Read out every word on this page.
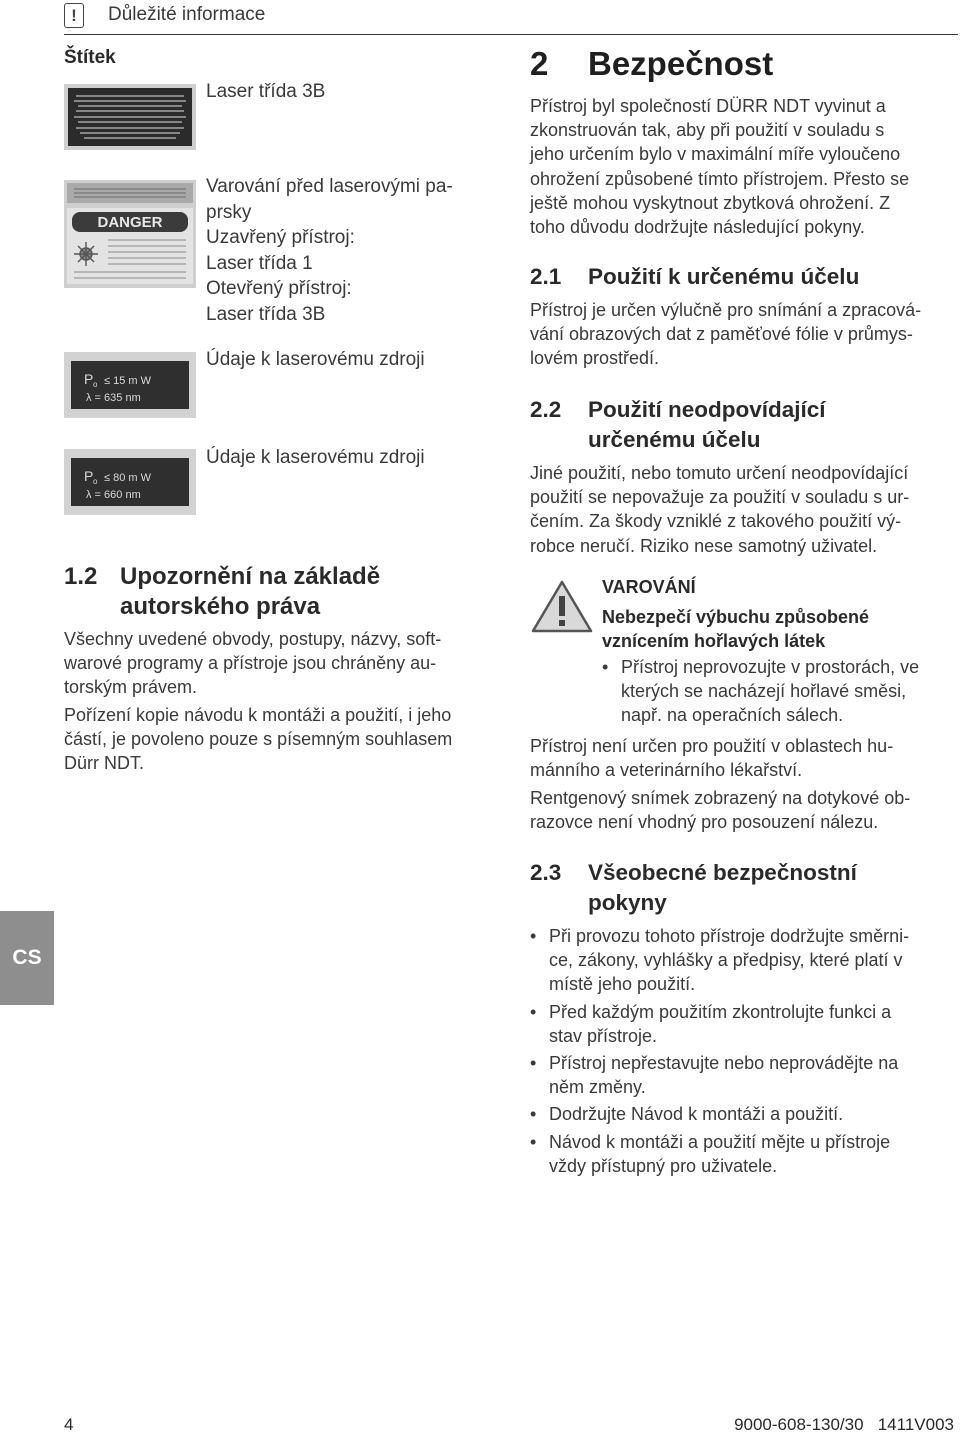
!	Důležité informace
Štítek
Laser třída 3B
DANGER
Varování před laserovými pa-
prsky
Uzavřený přístroj:
Laser třída 1
Otevřený přístroj:
Laser třída 3B
P o ≤ 15 m W
λ = 635 nm
Údaje k laserovému zdroji
P o ≤ 80 m W
λ = 660 nm
Údaje k laserovému zdroji
1.2 Upozornění na základě
autorského práva
Všechny uvedené obvody, postupy, názvy, soft-
warové programy a přístroje jsou chráněny au-
torským právem.
Pořízení kopie návodu k montáži a použití, i jeho
částí, je povoleno pouze s písemným souhlasem
Dürr NDT.
2 Bezpečnost
Přístroj byl společností DÜRR NDT vyvinut a
zkonstruován tak, aby při použití v souladu s
jeho určením bylo v maximální míře vyloučeno
ohrožení způsobené tímto přístrojem. Přesto se
ještě mohou vyskytnout zbytková ohrožení. Z
toho důvodu dodržujte následující pokyny.
2.1 Použití k určenému účelu
Přístroj je určen výlučně pro snímání a zpracová-
vání obrazových dat z paměťové fólie v průmys-
lovém prostředí.
2.2 Použití neodpovídající
určenému účelu
Jiné použití, nebo tomuto určení neodpovídající
použití se nepovažuje za použití v souladu s ur-
čením. Za škody vzniklé z takového použití vý-
robce neručí. Riziko nese samotný uživatel.
VAROVÁNÍ
Nebezpečí výbuchu způsobené
vznícením hořlavých látek
• Přístroj neprovozujte v prostorách, ve
kterých se nacházejí hořlavé směsi,
např. na operačních sálech.
Přístroj není určen pro použití v oblastech hu-
mánního a veterinárního lékařství.
Rentgenový snímek zobrazený na dotykové ob-
razovce není vhodný pro posouzení nálezu.
2.3 Všeobecné bezpečnostní
pokyny
• Při provozu tohoto přístroje dodržujte směrni-
ce, zákony, vyhlášky a předpisy, které platí v
místě jeho použití.
• Před každým použitím zkontrolujte funkci a
stav přístroje.
• Přístroj nepřestavujte nebo neprovádějte na
něm změny.
• Dodržujte Návod k montáži a použití.
• Návod k montáži a použití mějte u přístroje
vždy přístupný pro uživatele.
CS
4	9000-608-130/30   1411V003
